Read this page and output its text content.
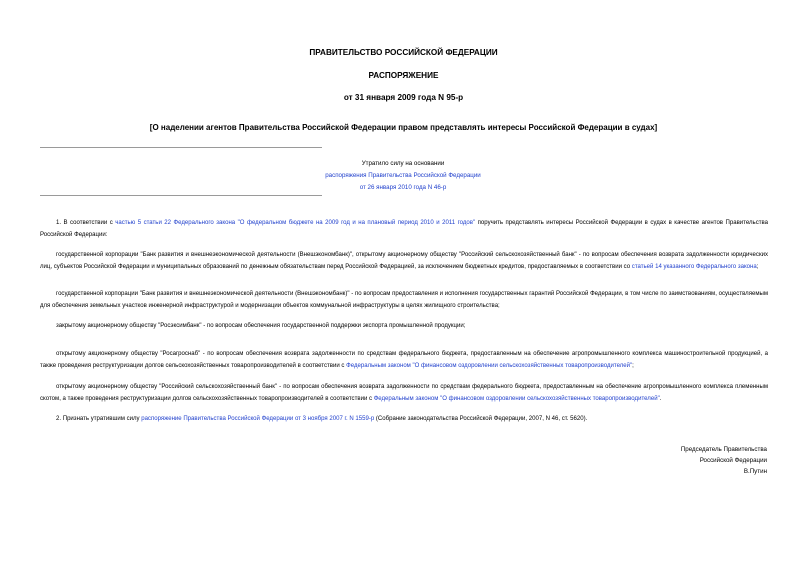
ПРАВИТЕЛЬСТВО РОССИЙСКОЙ ФЕДЕРАЦИИ
РАСПОРЯЖЕНИЕ
от 31 января 2009 года N 95-р
[О наделении агентов Правительства Российской Федерации правом представлять интересы Российской Федерации в судах]
Утратило силу на основании
распоряжения Правительства Российской Федерации
от 26 января 2010 года N 46-р
1. В соответствии с частью 5 статьи 22 Федерального закона "О федеральном бюджете на 2009 год и на плановый период 2010 и 2011 годов" поручить представлять интересы Российской Федерации в судах в качестве агентов Правительства Российской Федерации:
государственной корпорации "Банк развития и внешнеэкономической деятельности (Внешэкономбанк)", открытому акционерному обществу "Российский сельскохозяйственный банк" - по вопросам обеспечения возврата задолженности юридических лиц, субъектов Российской Федерации и муниципальных образований по денежным обязательствам перед Российской Федерацией, за исключением бюджетных кредитов, предоставляемых в соответствии со статьей 14 указанного Федерального закона;
государственной корпорации "Банк развития и внешнеэкономической деятельности (Внешэкономбанк)" - по вопросам предоставления и исполнения государственных гарантий Российской Федерации, в том числе по заимствованиям, осуществляемым для обеспечения земельных участков инженерной инфраструктурой и модернизации объектов коммунальной инфраструктуры в целях жилищного строительства;
закрытому акционерному обществу "Росэксимбанк" - по вопросам обеспечения государственной поддержки экспорта промышленной продукции;
открытому акционерному обществу "Росагроснаб" - по вопросам обеспечения возврата задолженности по средствам федерального бюджета, предоставленным на обеспечение агропромышленного комплекса машиностроительной продукцией, а также проведения реструктуризации долгов сельскохозяйственных товаропроизводителей в соответствии с Федеральным законом "О финансовом оздоровлении сельскохозяйственных товаропроизводителей";
открытому акционерному обществу "Российский сельскохозяйственный банк" - по вопросам обеспечения возврата задолженности по средствам федерального бюджета, предоставленным на обеспечение агропромышленного комплекса племенным скотом, а также проведения реструктуризации долгов сельскохозяйственных товаропроизводителей в соответствии с Федеральным законом "О финансовом оздоровлении сельскохозяйственных товаропроизводителей".
2. Признать утратившим силу распоряжение Правительства Российской Федерации от 3 ноября 2007 г. N 1559-р (Собрание законодательства Российской Федерации, 2007, N 46, ст. 5620).
Председатель Правительства
Российской Федерации
В.Путин
